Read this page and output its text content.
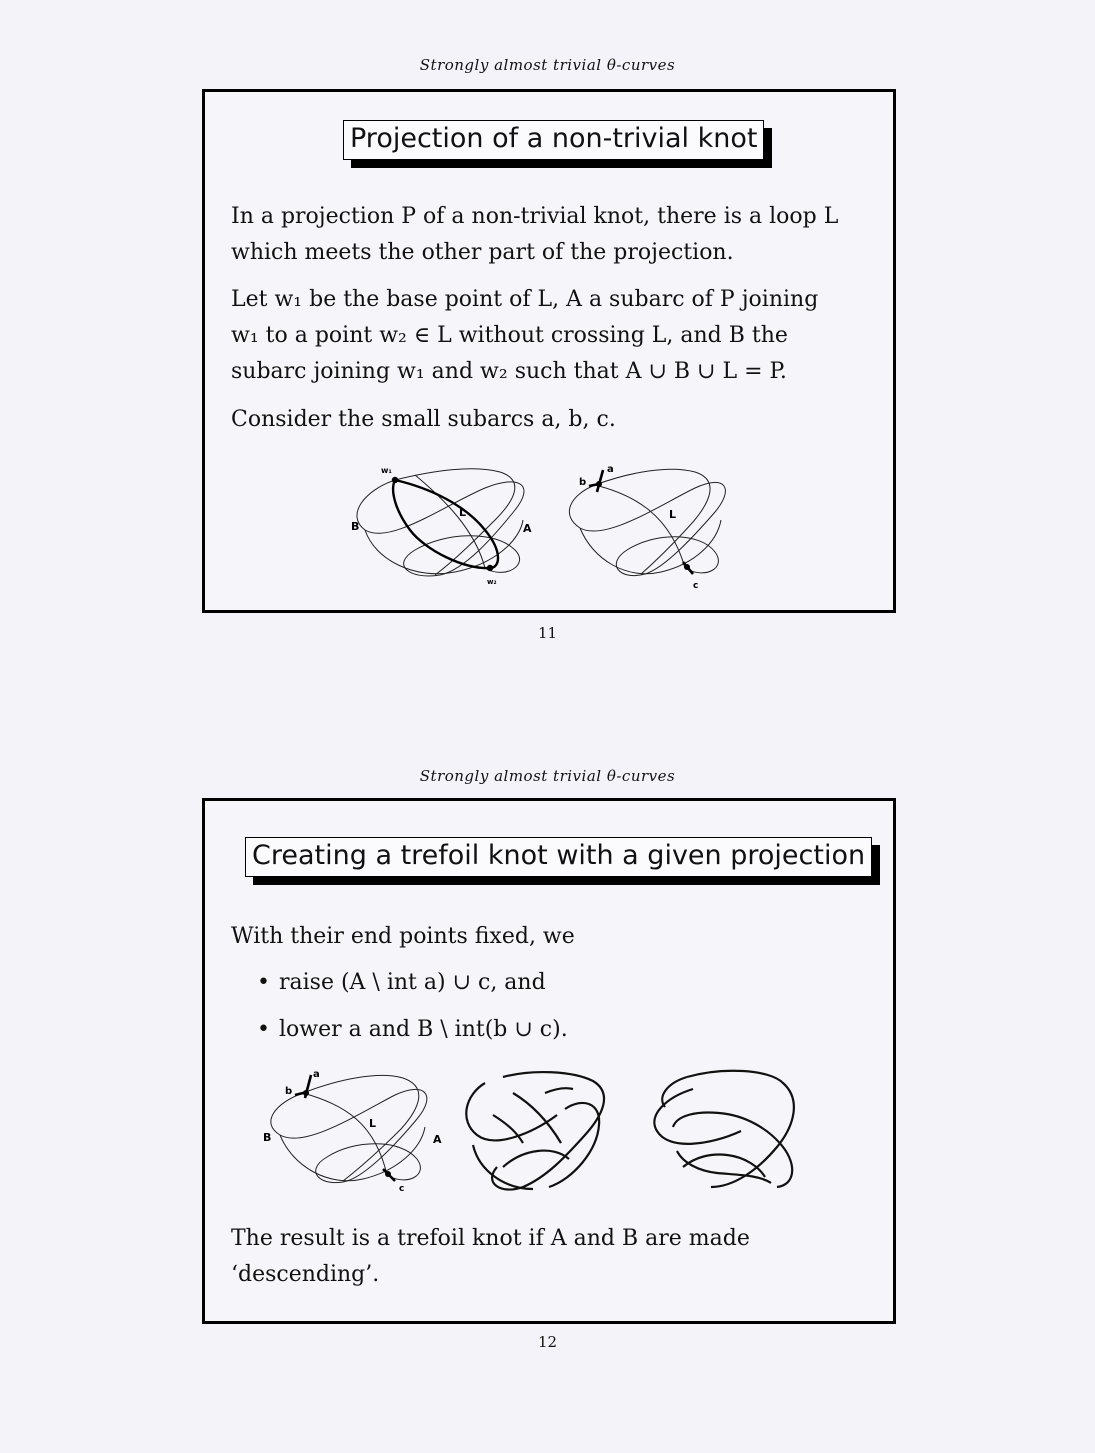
Strongly almost trivial θ-curves
Projection of a non-trivial knot
In a projection P of a non-trivial knot, there is a loop L
which meets the other part of the projection.
Let w₁ be the base point of L, A a subarc of P joining
w₁ to a point w₂ ∈ L without crossing L, and B the
subarc joining w₁ and w₂ such that A ∪ B ∪ L = P.
Consider the small subarcs a, b, c.
w₁
w₂
L
A
B
a
b
c
L
11
Strongly almost trivial θ-curves
Creating a trefoil knot with a given projection
With their end points fixed, we
• raise (A \ int a) ∪ c, and
• lower a and B \ int(b ∪ c).
a
b
c
L
A
B
The result is a trefoil knot if A and B are made
‘descending’.
12
